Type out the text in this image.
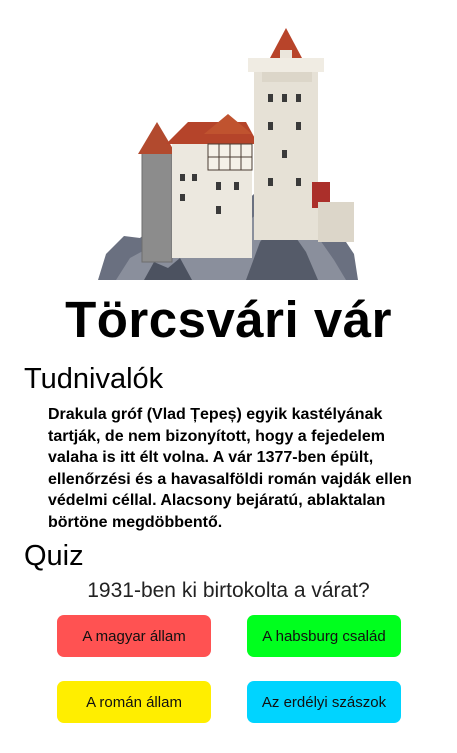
Törcsvári vár
Tudnivalók

Drakula gróf (Vlad Țepeș) egyik kastélyának tartják, de nem bizonyított, hogy a fejedelem valaha is itt élt volna. A vár 1377-ben épült, ellenőrzési és a havasalföldi román vajdák ellen védelmi céllal. Alacsony bejáratú, ablaktalan börtöne megdöbbentő.

Quiz

1931-ben ki birtokolta a várat?

A magyar állam	A habsburg család
A román állam	Az erdélyi szászok
